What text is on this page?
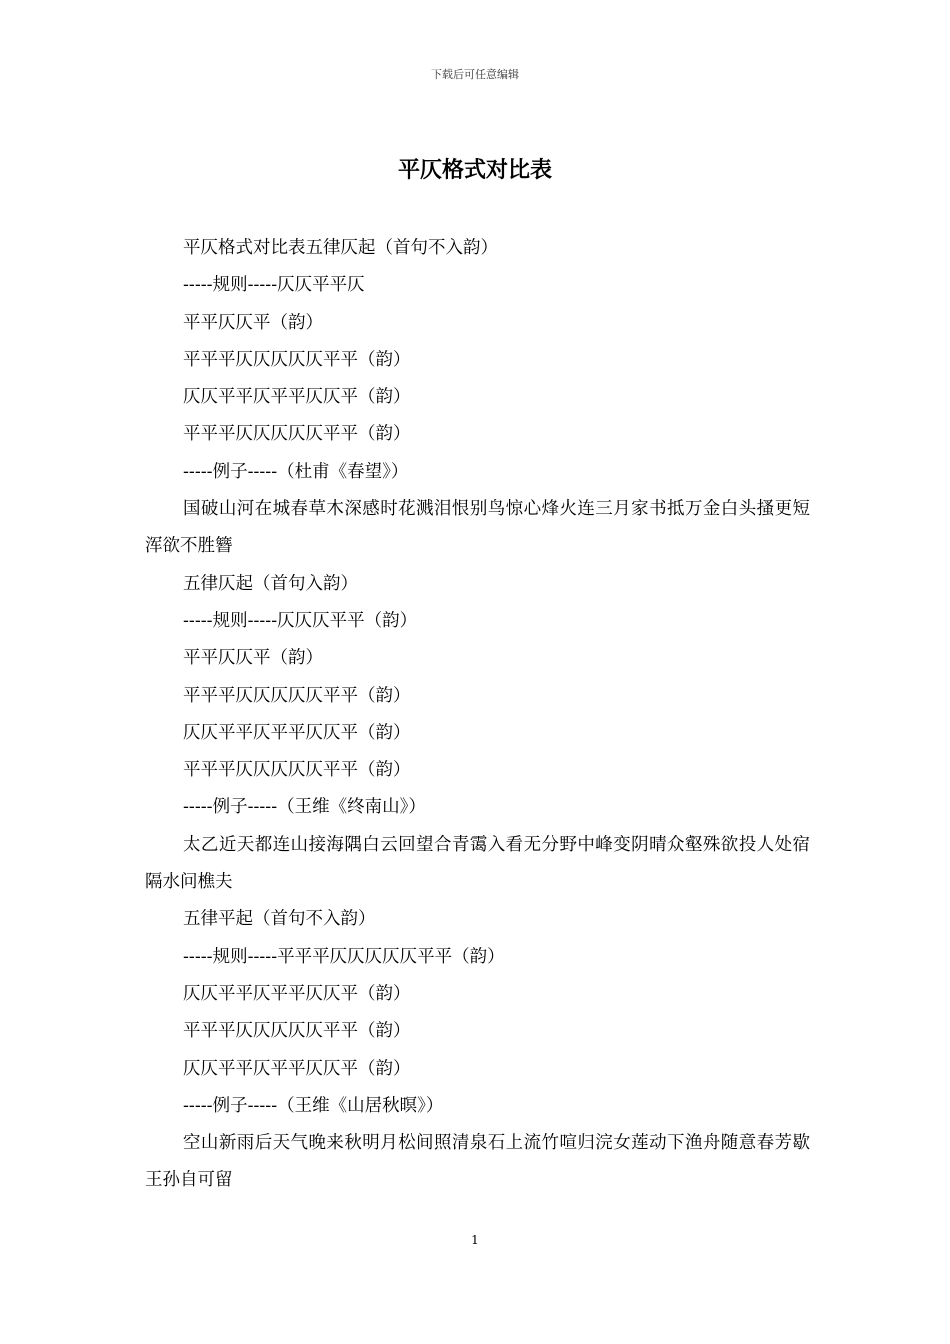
下载后可任意编辑
平仄格式对比表

平仄格式对比表五律仄起（首句不入韵）

-----规则-----仄仄平平仄

平平仄仄平（韵）

平平平仄仄仄仄仄平平（韵）

仄仄平平仄平平仄仄平（韵）

平平平仄仄仄仄仄平平（韵）

-----例子-----（杜甫《春望》）

国破山河在城春草木深感时花溅泪恨别鸟惊心烽火连三月家书抵万金白头搔更短浑欲不胜簪

五律仄起（首句入韵）

-----规则-----仄仄仄平平（韵）

平平仄仄平（韵）

平平平仄仄仄仄仄平平（韵）

仄仄平平仄平平仄仄平（韵）

平平平仄仄仄仄仄平平（韵）

-----例子-----（王维《终南山》）

太乙近天都连山接海隅白云回望合青霭入看无分野中峰变阴晴众壑殊欲投人处宿隔水问樵夫

五律平起（首句不入韵）

-----规则-----平平平仄仄仄仄仄平平（韵）

仄仄平平仄平平仄仄平（韵）

平平平仄仄仄仄仄平平（韵）

仄仄平平仄平平仄仄平（韵）

-----例子-----（王维《山居秋暝》）

空山新雨后天气晚来秋明月松间照清泉石上流竹喧归浣女莲动下渔舟随意春芳歇王孙自可留

1
